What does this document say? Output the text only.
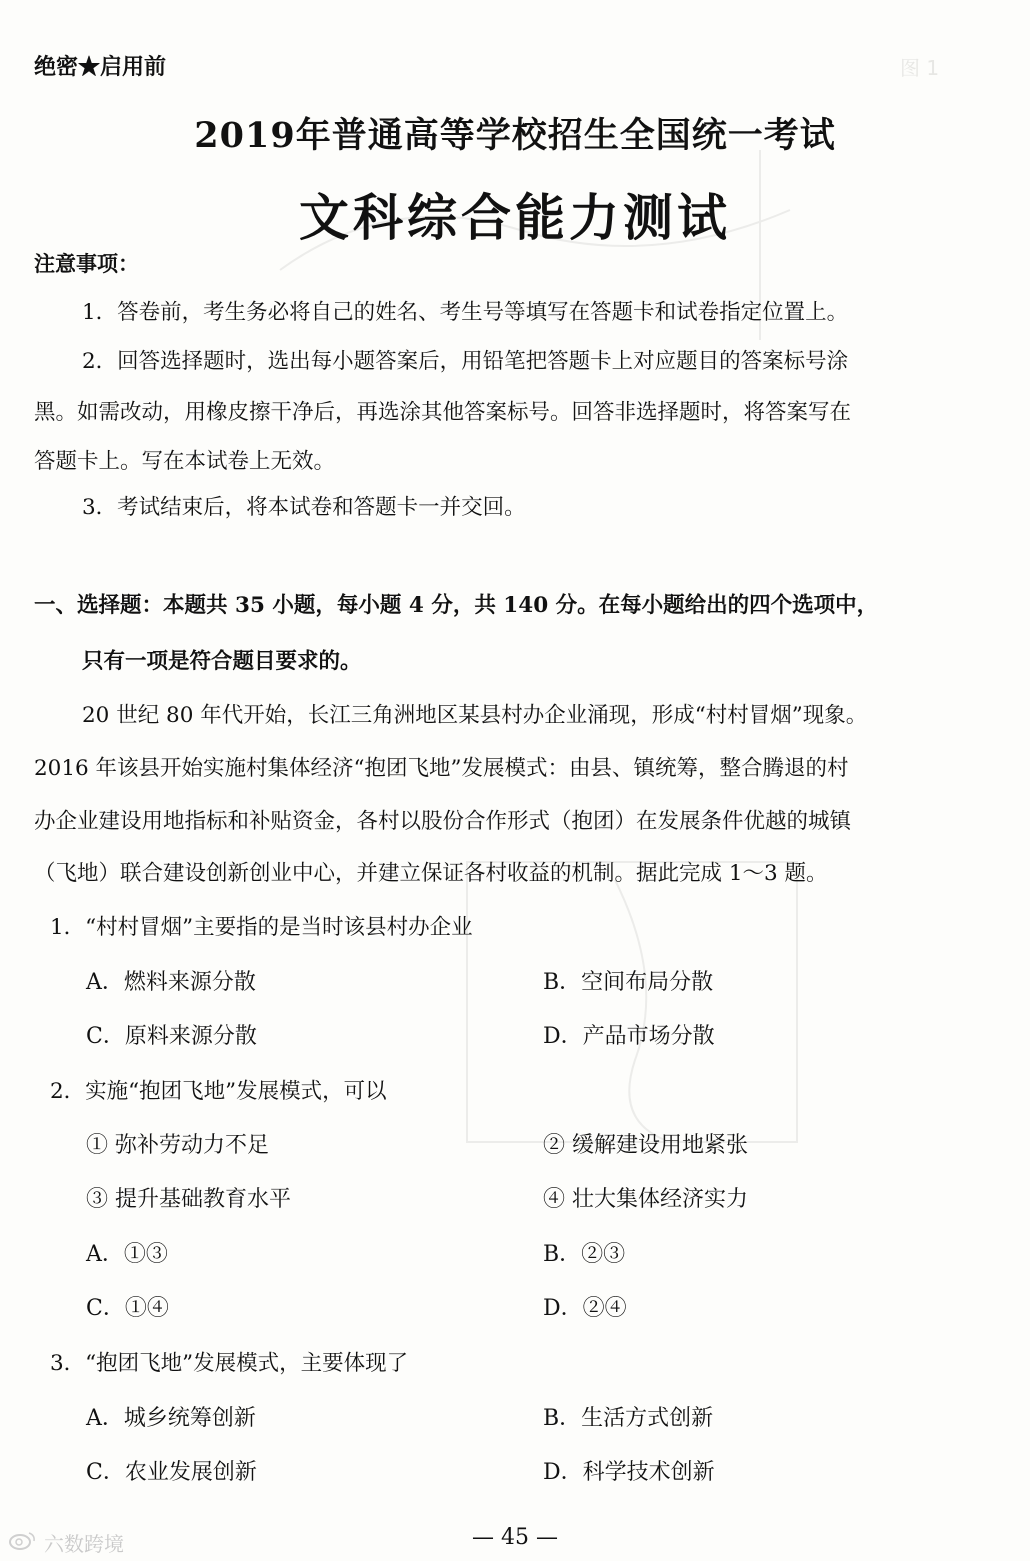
图 1
绝密★启用前
2019年普通高等学校招生全国统一考试
文科综合能力测试
注意事项：
1．答卷前，考生务必将自己的姓名、考生号等填写在答题卡和试卷指定位置上。
2．回答选择题时，选出每小题答案后，用铅笔把答题卡上对应题目的答案标号涂
黑。如需改动，用橡皮擦干净后，再选涂其他答案标号。回答非选择题时，将答案写在
答题卡上。写在本试卷上无效。
3．考试结束后，将本试卷和答题卡一并交回。
一、选择题：本题共 35 小题，每小题 4 分，共 140 分。在每小题给出的四个选项中，
只有一项是符合题目要求的。
20 世纪 80 年代开始，长江三角洲地区某县村办企业涌现，形成“村村冒烟”现象。
2016 年该县开始实施村集体经济“抱团飞地”发展模式：由县、镇统筹，整合腾退的村
办企业建设用地指标和补贴资金，各村以股份合作形式（抱团）在发展条件优越的城镇
（飞地）联合建设创新创业中心，并建立保证各村收益的机制。据此完成 1～3 题。
1．“村村冒烟”主要指的是当时该县村办企业
A．燃料来源分散	B．空间布局分散
C．原料来源分散	D．产品市场分散
2．实施“抱团飞地”发展模式，可以
① 弥补劳动力不足	② 缓解建设用地紧张
③ 提升基础教育水平	④ 壮大集体经济实力
A．①③	B．②③
C．①④	D．②④
3．“抱团飞地”发展模式，主要体现了
A．城乡统筹创新	B．生活方式创新
C．农业发展创新	D．科学技术创新
— 45 —
六数跨境
